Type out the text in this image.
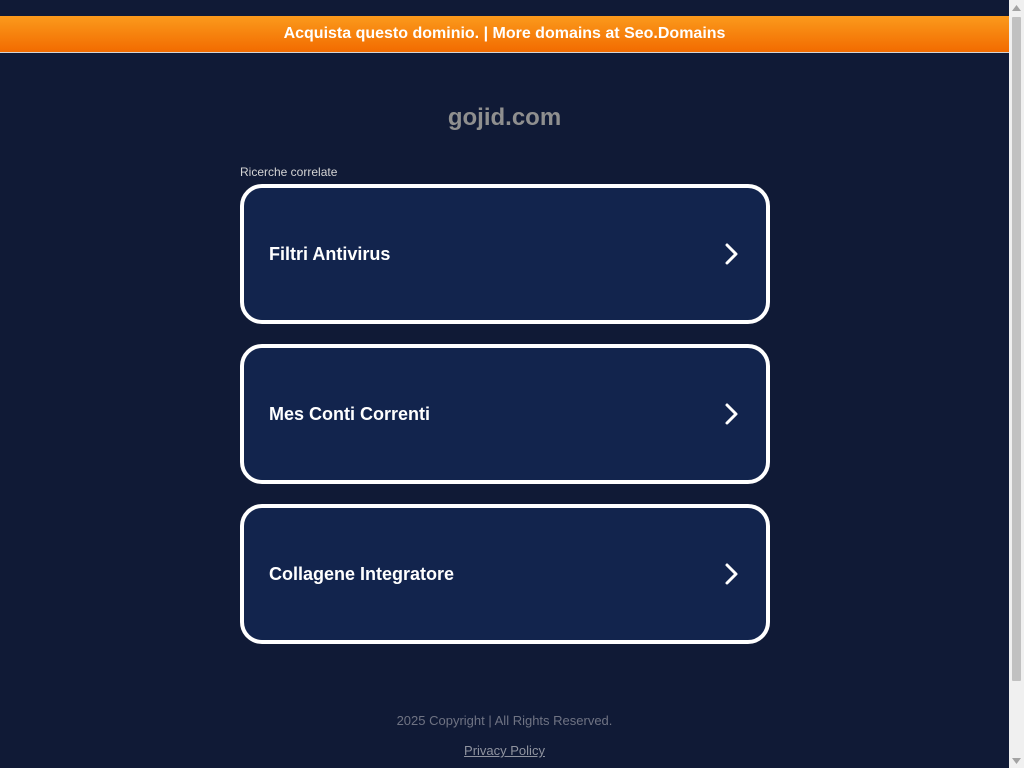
Acquista questo dominio. | More domains at Seo.Domains
gojid.com
Ricerche correlate
Filtri Antivirus
Mes Conti Correnti
Collagene Integratore
2025 Copyright | All Rights Reserved.
Privacy Policy
